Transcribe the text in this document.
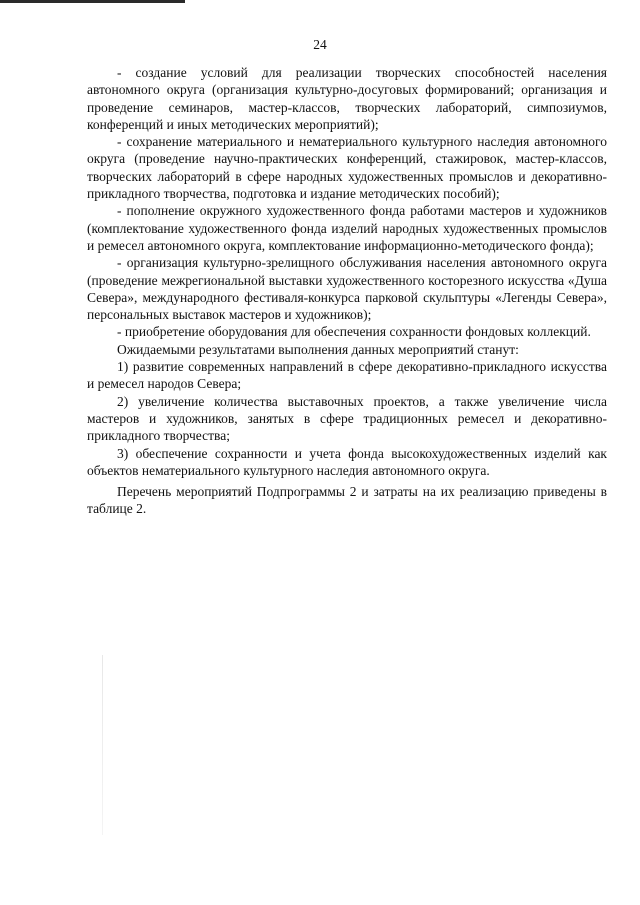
24

- создание условий для реализации творческих способностей населения автономного округа (организация культурно-досуговых формирований; организация и проведение семинаров, мастер-классов, творческих лабораторий, симпозиумов, конференций и иных методических мероприятий);

- сохранение материального и нематериального культурного наследия автономного округа (проведение научно-практических конференций, стажировок, мастер-классов, творческих лабораторий в сфере народных художественных промыслов и декоративно-прикладного творчества, подготовка и издание методических пособий);

- пополнение окружного художественного фонда работами мастеров и художников (комплектование художественного фонда изделий народных художественных промыслов и ремесел автономного округа, комплектование информационно-методического фонда);

- организация культурно-зрелищного обслуживания населения автономного округа (проведение межрегиональной выставки художественного косторезного искусства «Душа Севера», международного фестиваля-конкурса парковой скульптуры «Легенды Севера», персональных выставок мастеров и художников);

- приобретение оборудования для обеспечения сохранности фондовых коллекций.

Ожидаемыми результатами выполнения данных мероприятий станут:

1) развитие современных направлений в сфере декоративно-прикладного искусства и ремесел народов Севера;

2) увеличение количества выставочных проектов, а также увеличение числа мастеров и художников, занятых в сфере традиционных ремесел и декоративно-прикладного творчества;

3) обеспечение сохранности и учета фонда высокохудожественных изделий как объектов нематериального культурного наследия автономного округа.

Перечень мероприятий Подпрограммы 2 и затраты на их реализацию приведены в таблице 2.
